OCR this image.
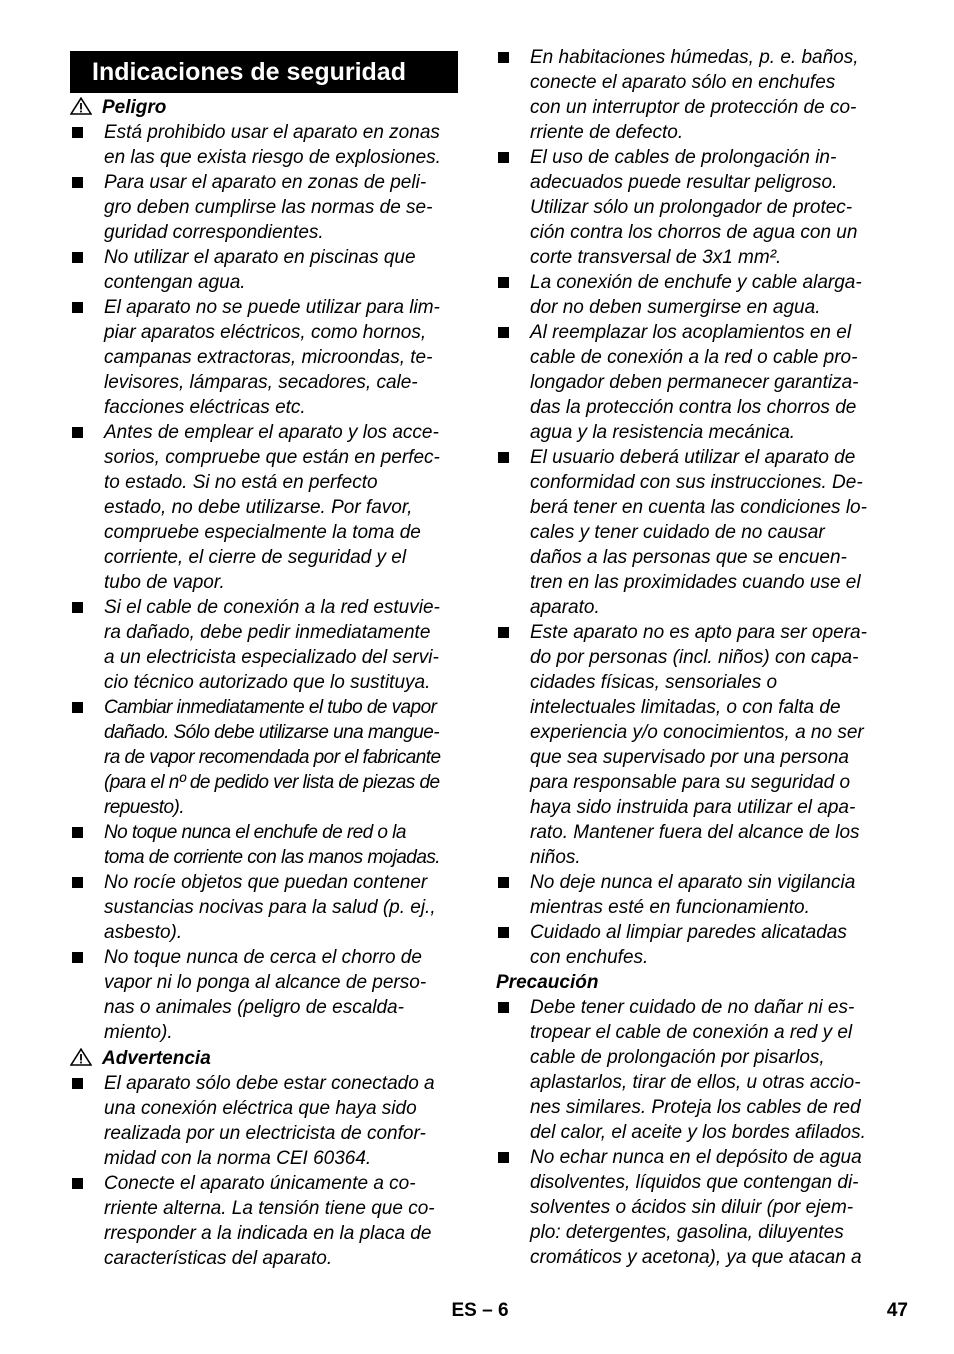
Indicaciones de seguridad
Peligro
Está prohibido usar el aparato en zonas
en las que exista riesgo de explosiones.
Para usar el aparato en zonas de peli-
gro deben cumplirse las normas de se-
guridad correspondientes.
No utilizar el aparato en piscinas que
contengan agua.
El aparato no se puede utilizar para lim-
piar aparatos eléctricos, como hornos,
campanas extractoras, microondas, te-
levisores, lámparas, secadores, cale-
facciones eléctricas etc.
Antes de emplear el aparato y los acce-
sorios, compruebe que están en perfec-
to estado. Si no está en perfecto
estado, no debe utilizarse. Por favor,
compruebe especialmente la toma de
corriente, el cierre de seguridad y el
tubo de vapor.
Si el cable de conexión a la red estuvie-
ra dañado, debe pedir inmediatamente
a un electricista especializado del servi-
cio técnico autorizado que lo sustituya.
Cambiar inmediatamente el tubo de vapor
dañado. Sólo debe utilizarse una mangue-
ra de vapor recomendada por el fabricante
(para el nº de pedido ver lista de piezas de
repuesto).
No toque nunca el enchufe de red o la
toma de corriente con las manos mojadas.
No rocíe objetos que puedan contener
sustancias nocivas para la salud (p. ej.,
asbesto).
No toque nunca de cerca el chorro de
vapor ni lo ponga al alcance de perso-
nas o animales (peligro de escalda-
miento).
Advertencia
El aparato sólo debe estar conectado a
una conexión eléctrica que haya sido
realizada por un electricista de confor-
midad con la norma CEI 60364.
Conecte el aparato únicamente a co-
rriente alterna. La tensión tiene que co-
rresponder a la indicada en la placa de
características del aparato.
En habitaciones húmedas, p. e. baños,
conecte el aparato sólo en enchufes
con un interruptor de protección de co-
rriente de defecto.
El uso de cables de prolongación in-
adecuados puede resultar peligroso.
Utilizar sólo un prolongador de protec-
ción contra los chorros de agua con un
corte transversal de 3x1 mm².
La conexión de enchufe y cable alarga-
dor no deben sumergirse en agua.
Al reemplazar los acoplamientos en el
cable de conexión a la red o cable pro-
longador deben permanecer garantiza-
das la protección contra los chorros de
agua y la resistencia mecánica.
El usuario deberá utilizar el aparato de
conformidad con sus instrucciones. De-
berá tener en cuenta las condiciones lo-
cales y tener cuidado de no causar
daños a las personas que se encuen-
tren en las proximidades cuando use el
aparato.
Este aparato no es apto para ser opera-
do por personas (incl. niños) con capa-
cidades físicas, sensoriales o
intelectuales limitadas, o con falta de
experiencia y/o conocimientos, a no ser
que sea supervisado por una persona
para responsable para su seguridad o
haya sido instruida para utilizar el apa-
rato. Mantener fuera del alcance de los
niños.
No deje nunca el aparato sin vigilancia
mientras esté en funcionamiento.
Cuidado al limpiar paredes alicatadas
con enchufes.
Precaución
Debe tener cuidado de no dañar ni es-
tropear el cable de conexión a red y el
cable de prolongación por pisarlos,
aplastarlos, tirar de ellos, u otras accio-
nes similares. Proteja los cables de red
del calor, el aceite y los bordes afilados.
No echar nunca en el depósito de agua
disolventes, líquidos que contengan di-
solventes o ácidos sin diluir (por ejem-
plo: detergentes, gasolina, diluyentes
cromáticos y acetona), ya que atacan a
ES – 6	47
